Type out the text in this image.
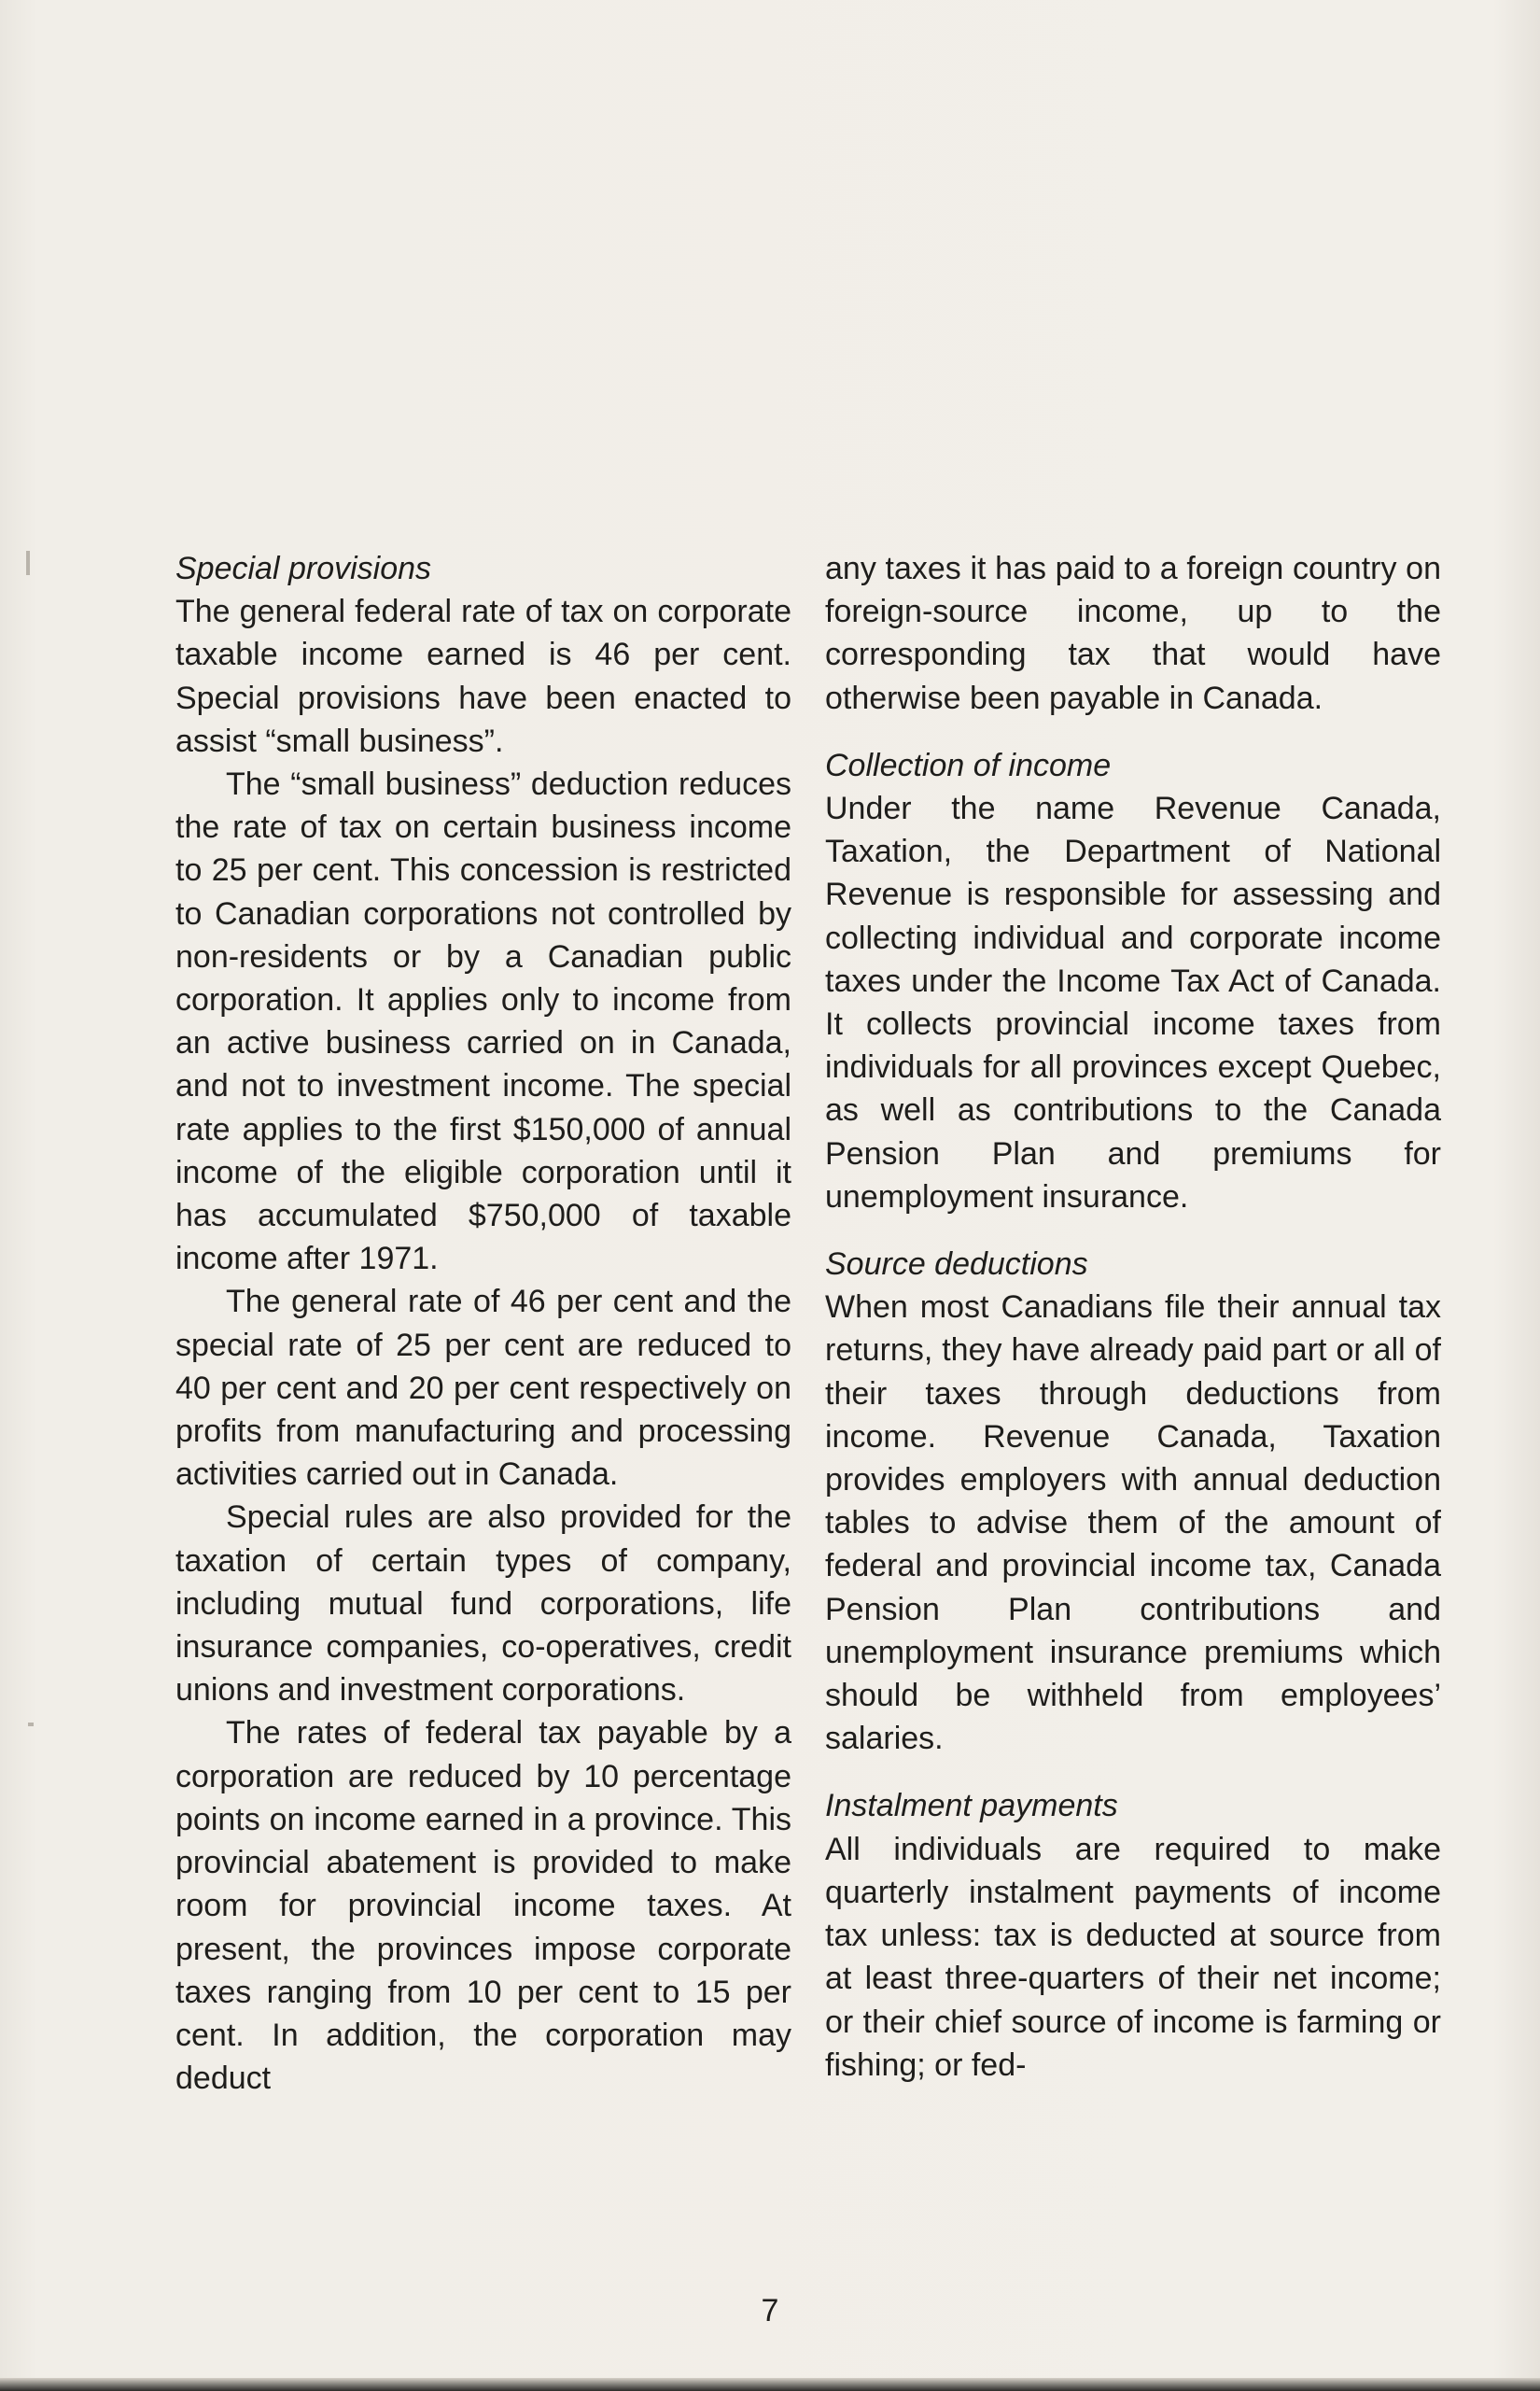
Special provisions

The general federal rate of tax on corporate taxable income earned is 46 per cent. Special provisions have been enacted to assist “small business”.

The “small business” deduction reduces the rate of tax on certain business income to 25 per cent. This concession is restricted to Canadian corporations not controlled by non-residents or by a Canadian public corporation. It applies only to income from an active business carried on in Canada, and not to investment income. The special rate applies to the first $150,000 of annual income of the eligible corporation until it has accumulated $750,000 of taxable income after 1971.

The general rate of 46 per cent and the special rate of 25 per cent are reduced to 40 per cent and 20 per cent respectively on profits from manufacturing and processing activities carried out in Canada.

Special rules are also provided for the taxation of certain types of company, including mutual fund corporations, life insurance companies, co-operatives, credit unions and investment corporations.

The rates of federal tax payable by a corporation are reduced by 10 percentage points on income earned in a province. This provincial abatement is provided to make room for provincial income taxes. At present, the provinces impose corporate taxes ranging from 10 per cent to 15 per cent. In addition, the corporation may deduct

any taxes it has paid to a foreign country on foreign-source income, up to the corresponding tax that would have otherwise been payable in Canada.

Collection of income

Under the name Revenue Canada, Taxation, the Department of National Revenue is responsible for assessing and collecting individual and corporate income taxes under the Income Tax Act of Canada. It collects provincial income taxes from individuals for all provinces except Quebec, as well as contributions to the Canada Pension Plan and premiums for unemployment insurance.

Source deductions

When most Canadians file their annual tax returns, they have already paid part or all of their taxes through deductions from income. Revenue Canada, Taxation provides employers with annual deduction tables to advise them of the amount of federal and provincial income tax, Canada Pension Plan contributions and unemployment insurance premiums which should be withheld from employees’ salaries.

Instalment payments

All individuals are required to make quarterly instalment payments of income tax unless: tax is deducted at source from at least three-quarters of their net income; or their chief source of income is farming or fishing; or fed-

7
